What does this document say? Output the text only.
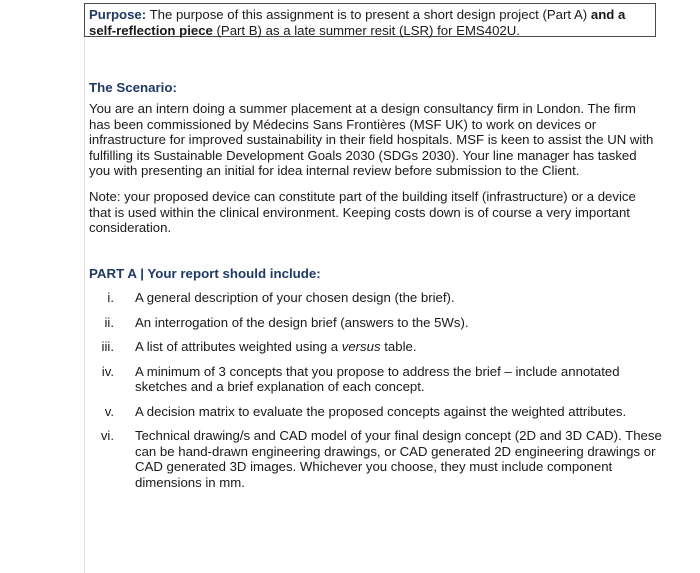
Purpose: The purpose of this assignment is to present a short design project (Part A) and a self-reflection piece (Part B) as a late summer resit (LSR) for EMS402U.
The Scenario:
You are an intern doing a summer placement at a design consultancy firm in London. The firm has been commissioned by Médecins Sans Frontières (MSF UK) to work on devices or infrastructure for improved sustainability in their field hospitals. MSF is keen to assist the UN with fulfilling its Sustainable Development Goals 2030 (SDGs 2030). Your line manager has tasked you with presenting an initial for idea internal review before submission to the Client.
Note: your proposed device can constitute part of the building itself (infrastructure) or a device that is used within the clinical environment. Keeping costs down is of course a very important consideration.
PART A | Your report should include:
i. A general description of your chosen design (the brief).
ii. An interrogation of the design brief (answers to the 5Ws).
iii. A list of attributes weighted using a versus table.
iv. A minimum of 3 concepts that you propose to address the brief – include annotated sketches and a brief explanation of each concept.
v. A decision matrix to evaluate the proposed concepts against the weighted attributes.
vi. Technical drawing/s and CAD model of your final design concept (2D and 3D CAD). These can be hand-drawn engineering drawings, or CAD generated 2D engineering drawings or CAD generated 3D images. Whichever you choose, they must include component dimensions in mm.
